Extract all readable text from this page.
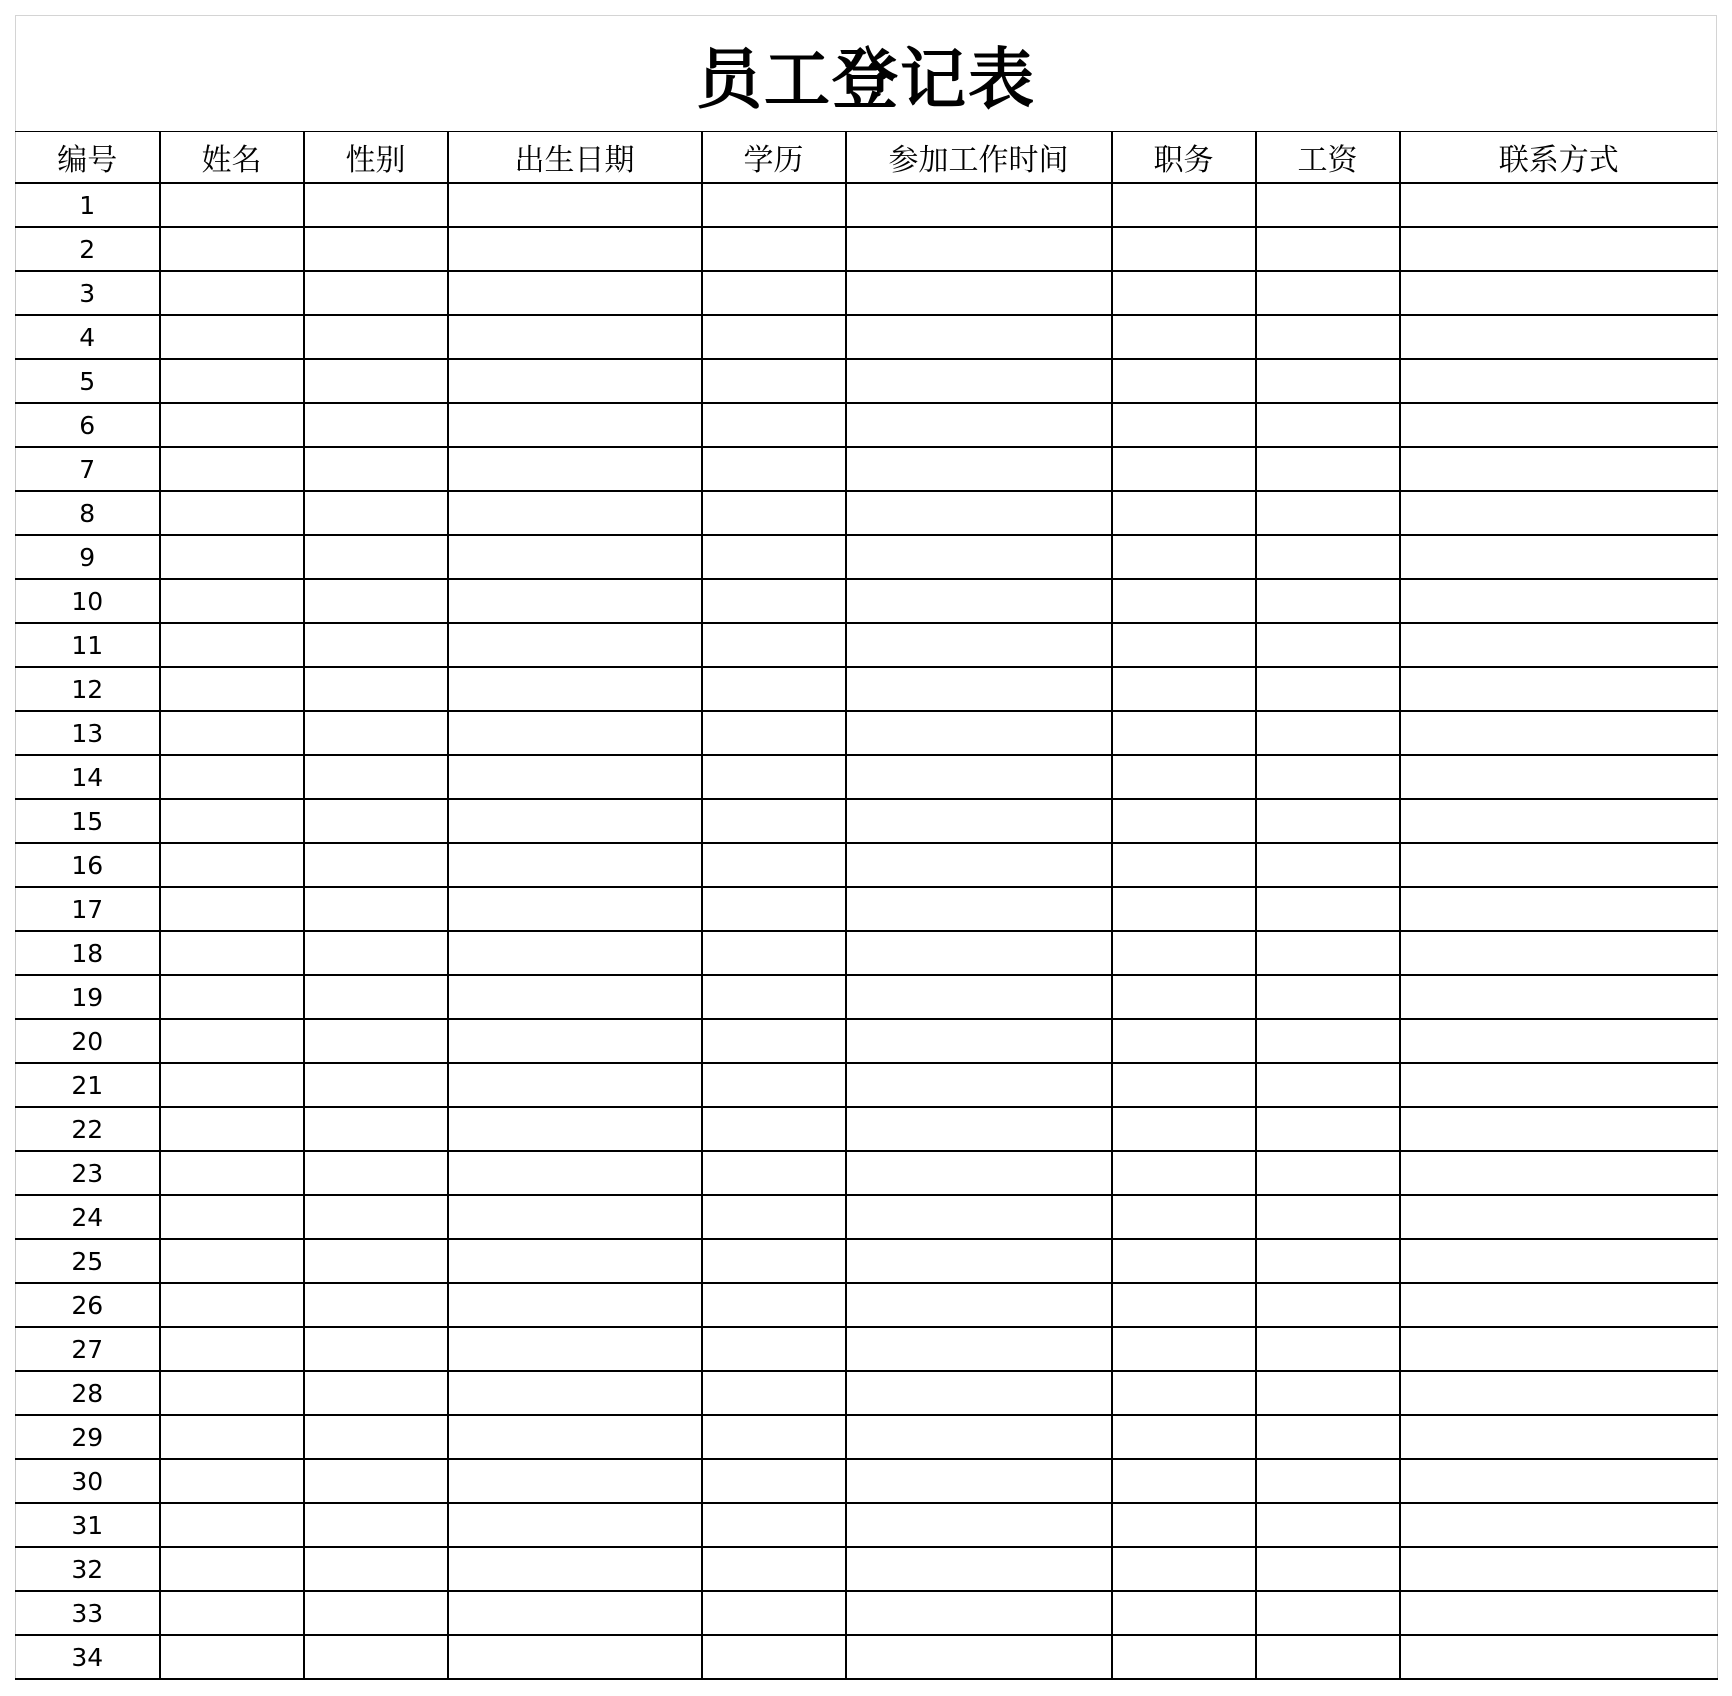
员工登记表
编号	姓名	性别	出生日期	学历	参加工作时间	职务	工资	联系方式
1								
2								
3								
4								
5								
6								
7								
8								
9								
10								
11								
12								
13								
14								
15								
16								
17								
18								
19								
20								
21								
22								
23								
24								
25								
26								
27								
28								
29								
30								
31								
32								
33								
34								
